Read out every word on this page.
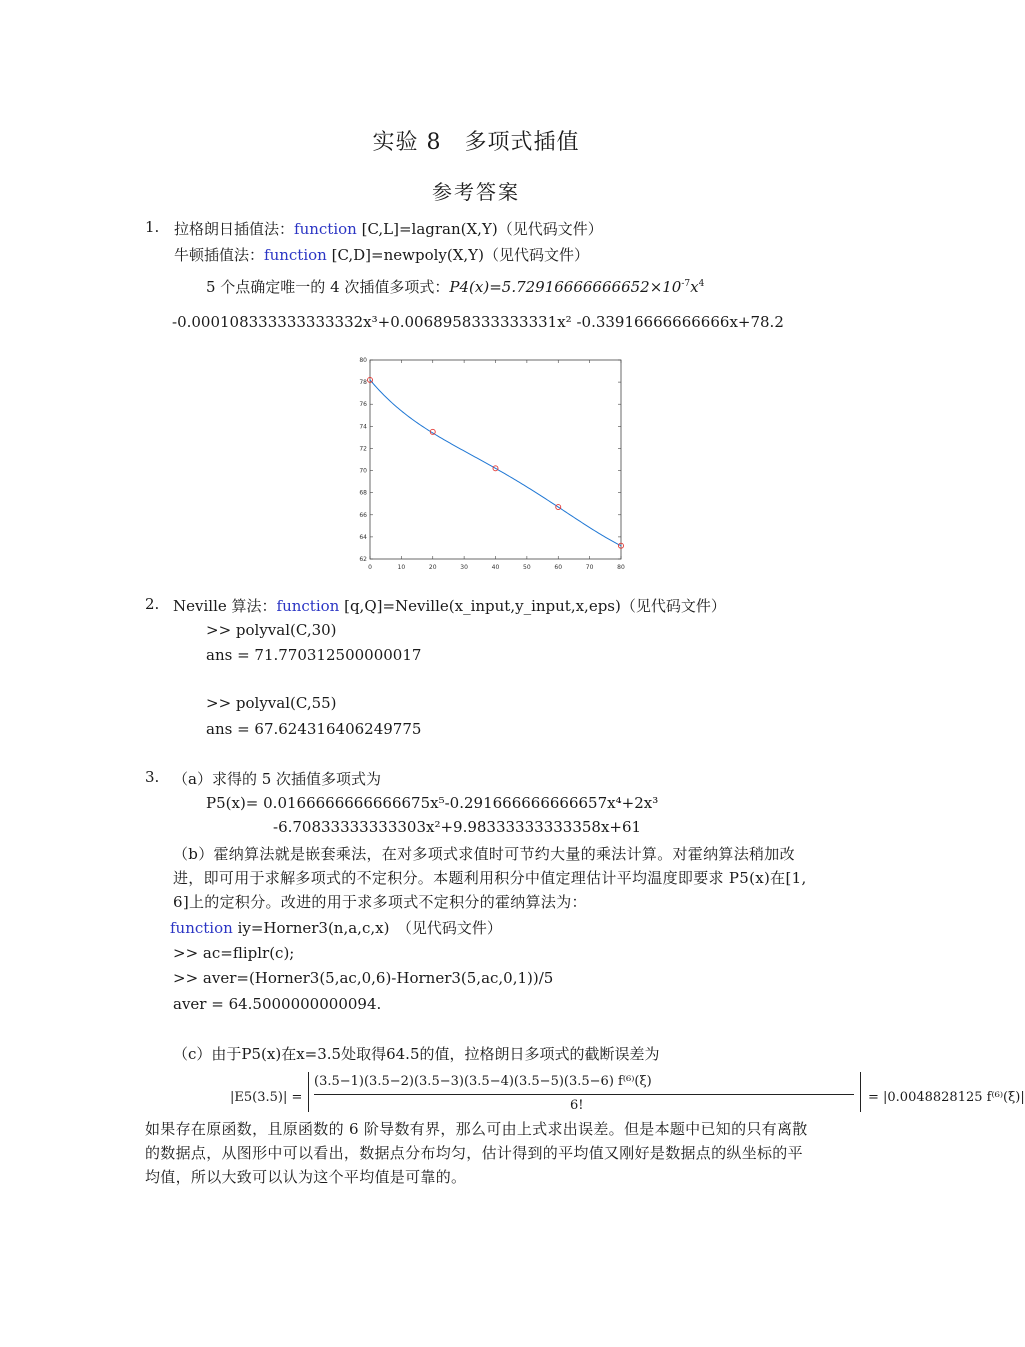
实验 8　多项式插值
参考答案
1. 拉格朗日插值法：function [C,L]=lagran(X,Y)（见代码文件）
牛顿插值法：function [C,D]=newpoly(X,Y)（见代码文件）
5 个点确定唯一的 4 次插值多项式：$P4(x)=5.72916666666652\times 10^{-7}x^4$
-0.000108333333333332x³+0.0068958333333331x² -0.33916666666666x+78.2
0	10	20	30	40	50	60	70	80
62
64
66
68
70
72
74
76
78
80
2. Neville 算法：function [q,Q]=Neville(x_input,y_input,x,eps)（见代码文件）
>> polyval(C,30)
ans = 71.770312500000017
>> polyval(C,55)
ans = 67.624316406249775
3. （a）求得的 5 次插值多项式为
P5(x)= 0.0166666666666675x⁵-0.291666666666657x⁴+2x³
-6.70833333333303x²+9.98333333333358x+61
（b）霍纳算法就是嵌套乘法，在对多项式求值时可节约大量的乘法计算。对霍纳算法稍加改进，即可用于求解多项式的不定积分。本题利用积分中值定理估计平均温度即要求 P5(x)在[1, 6]上的定积分。改进的用于求多项式不定积分的霍纳算法为：
function iy=Horner3(n,a,c,x)　（见代码文件）
>> ac=fliplr(c);
>> aver=(Horner3(5,ac,0,6)-Horner3(5,ac,0,1))/5
aver = 64.5000000000094.
（c）由于P5(x)在x=3.5处取得64.5的值，拉格朗日多项式的截断误差为
|E5(3.5)| =
(3.5−1)(3.5−2)(3.5−3)(3.5−4)(3.5−5)(3.5−6) f⁽⁶⁾(ξ)
6!
= |0.0048828125 f⁽⁶⁾(ξ)|
如果存在原函数，且原函数的 6 阶导数有界，那么可由上式求出误差。但是本题中已知的只有离散的数据点，从图形中可以看出，数据点分布均匀，估计得到的平均值又刚好是数据点的纵坐标的平均值，所以大致可以认为这个平均值是可靠的。
